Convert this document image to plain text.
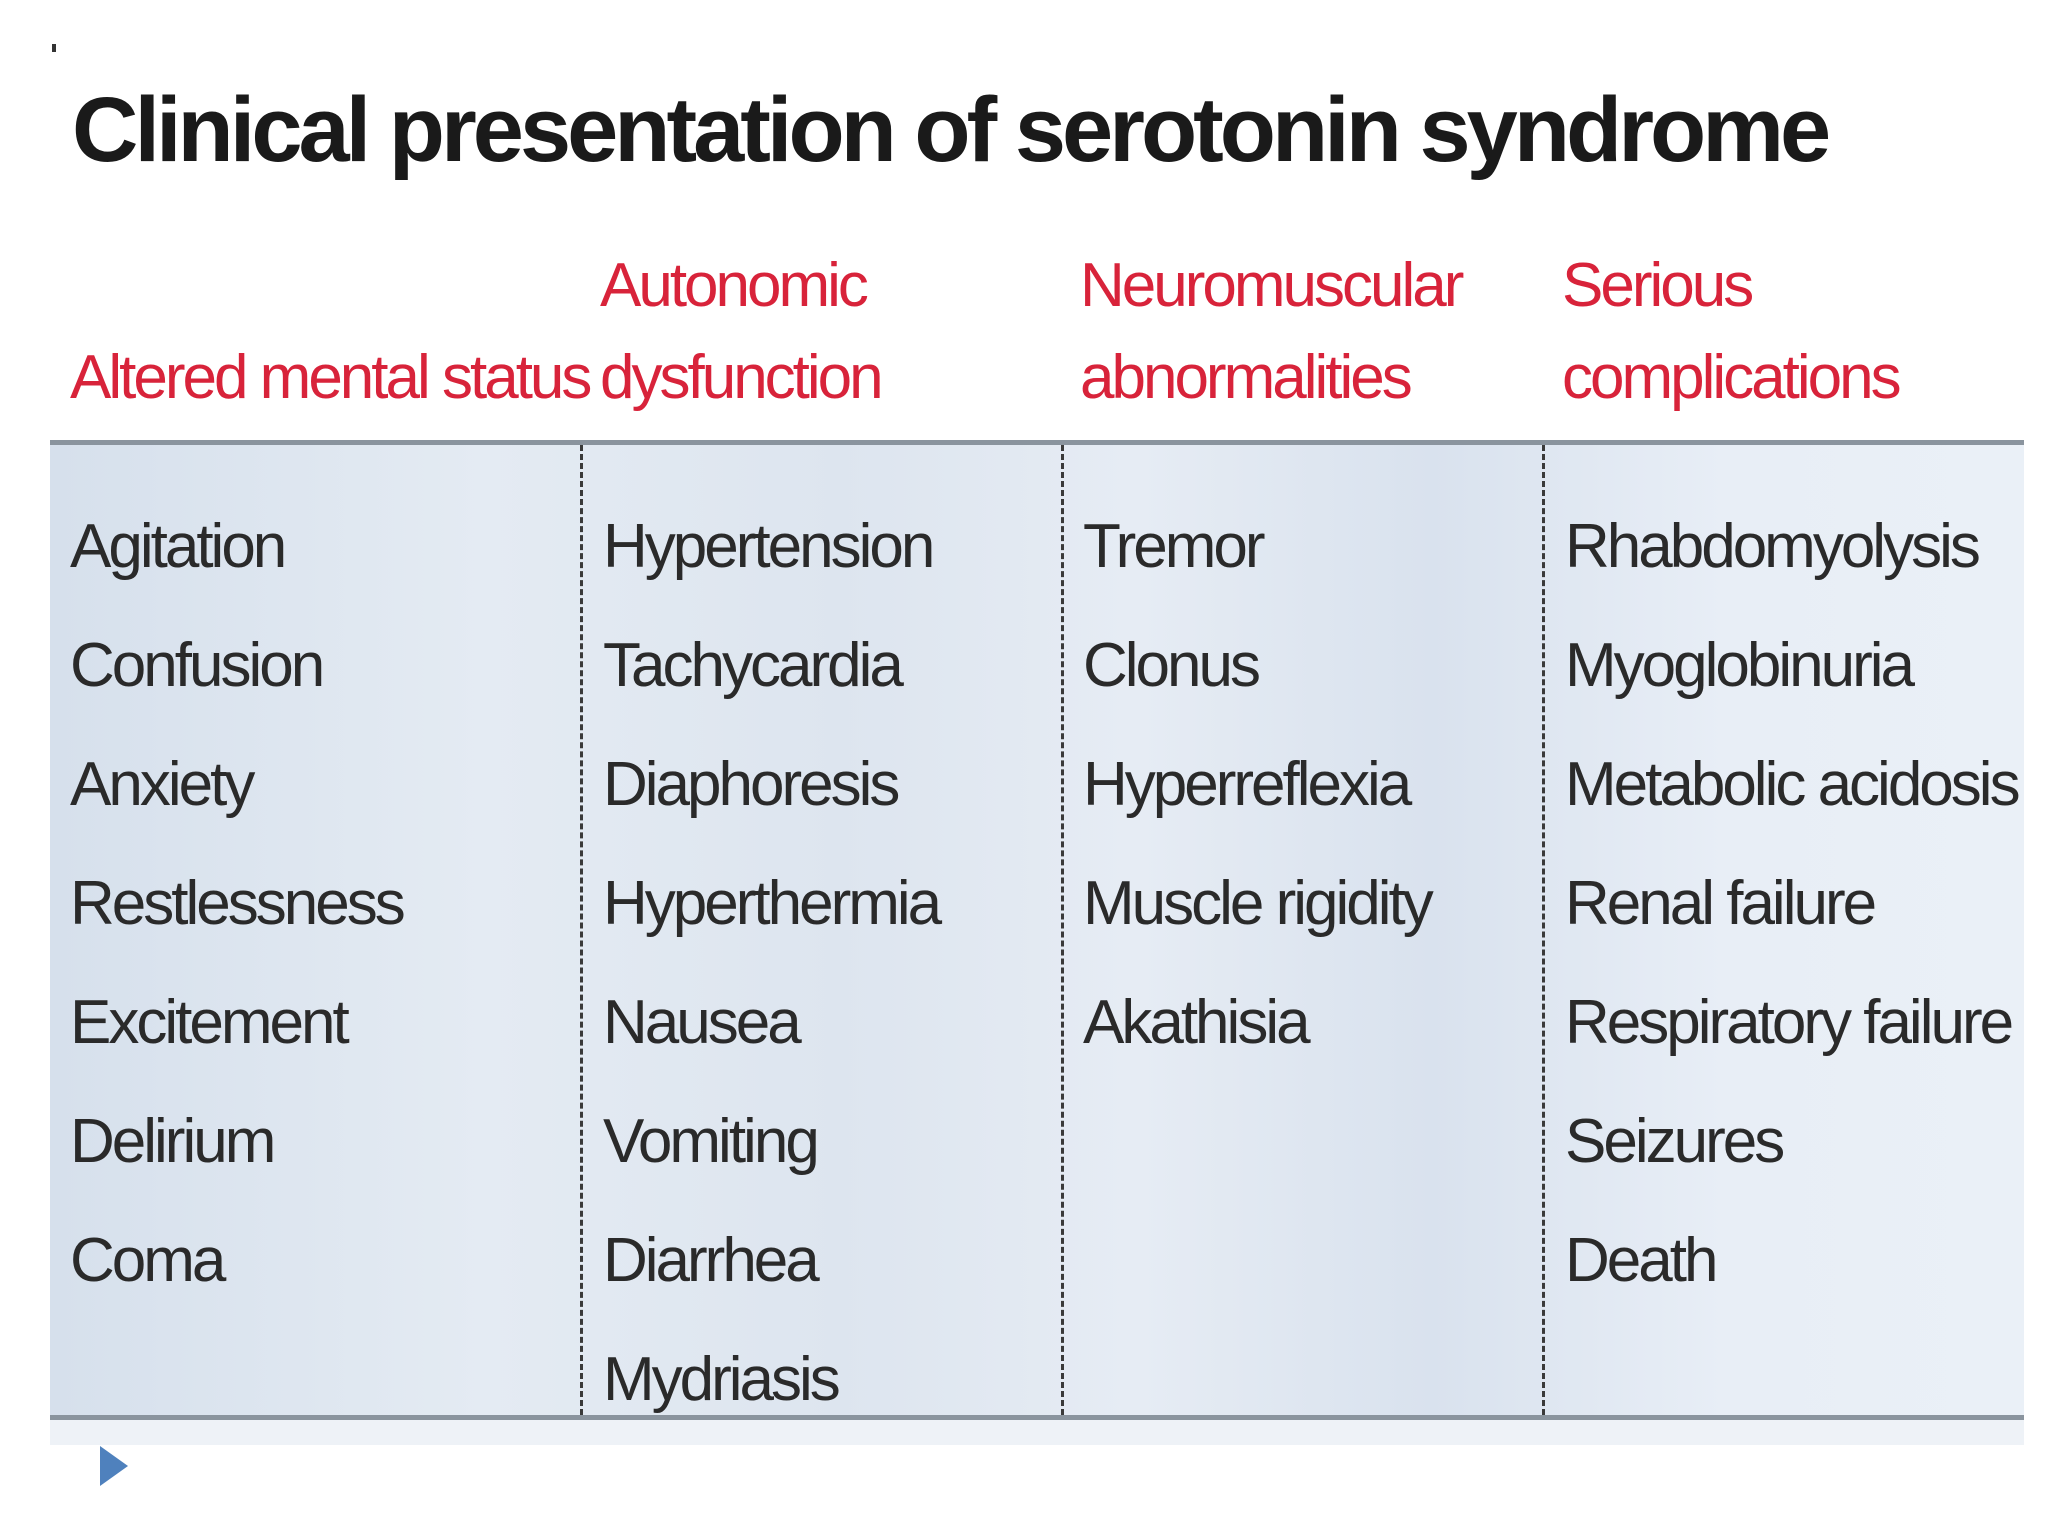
Clinical presentation of serotonin syndrome
Altered mental status
Autonomic
dysfunction
Neuromuscular
abnormalities
Serious
complications
Agitation
Confusion
Anxiety
Restlessness
Excitement
Delirium
Coma
Hypertension
Tachycardia
Diaphoresis
Hyperthermia
Nausea
Vomiting
Diarrhea
Mydriasis
Tremor
Clonus
Hyperreflexia
Muscle rigidity
Akathisia
Rhabdomyolysis
Myoglobinuria
Metabolic acidosis
Renal failure
Respiratory failure
Seizures
Death
